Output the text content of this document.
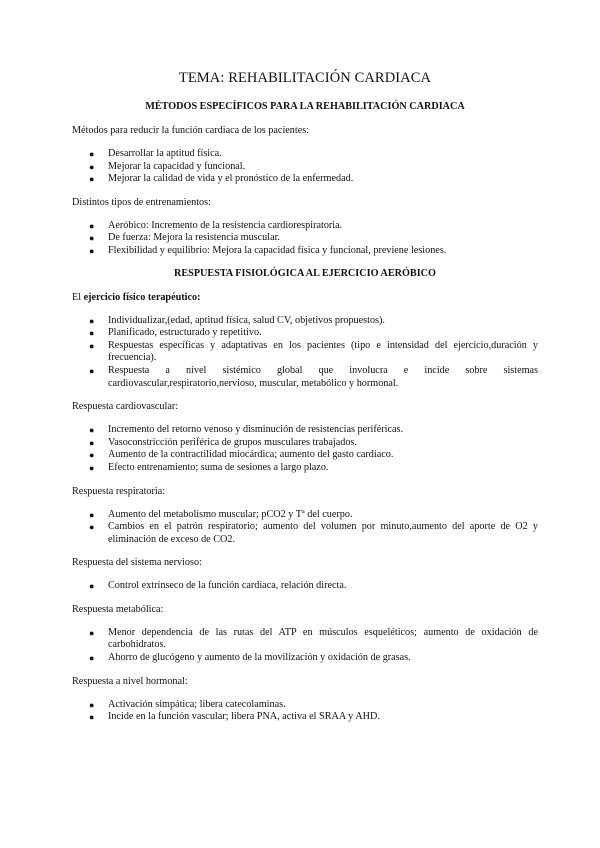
TEMA: REHABILITACIÓN CARDIACA
MÉTODOS ESPECÍFICOS PARA LA REHABILITACIÓN CARDIACA

Métodos para reducir la función cardiaca de los pacientes:

● Desarrollar la aptitud física.
● Mejorar la capacidad y funcional.
● Mejorar la calidad de vida y el pronóstico de la enfermedad.

Distintos tipos de entrenamientos:

● Aeróbico: Incremento de la resistencia cardiorespiratoria.
● De fuerza: Mejora la resistencia muscular.
● Flexibilidad y equilibrio: Mejora la capacidad física y funcional, previene lesiones.
RESPUESTA FISIOLÓGICA AL EJERCICIO AERÓBICO

El ejercicio físico terapéutico:

● Individualizar,(edad, aptitud física, salud CV, objetivos propuestos).
● Planificado, estructurado y repetitivo.
● Respuestas específicas y adaptativas en los pacientes (tipo e intensidad del ejercicio,duración y frecuencia).
● Respuesta a nivel sistémico global que involucra e incide sobre sistemas cardiovascular,respiratorio,nervioso, muscular, metabólico y hormonal.

Respuesta cardiovascular:

● Incremento del retorno venoso y disminución de resistencias periféricas.
● Vasoconstricción periférica de grupos musculares trabajados.
● Aumento de la contractilidad miocárdica; aumento del gasto cardiaco.
● Efecto entrenamiento; suma de sesiones a largo plazo.

Respuesta respiratoria:

● Aumento del metabolismo muscular; pCO2 y Tª del cuerpo.
● Cambios en el patrón respiratorio; aumento del volumen por minuto,aumento del aporte de O2 y eliminación de exceso de CO2.

Respuesta del sistema nervioso:

● Control extrínseco de la función cardiaca, relación directa.

Respuesta metabólica:

● Menor dependencia de las rutas del ATP en músculos esqueléticos; aumento de oxidación de carbohidratos.
● Ahorro de glucógeno y aumento de la movilización y oxidación de grasas.

Respuesta a nivel hormonal:

● Activación simpática; libera catecolaminas.
● Incide en la función vascular; libera PNA, activa el SRAA y AHD.
